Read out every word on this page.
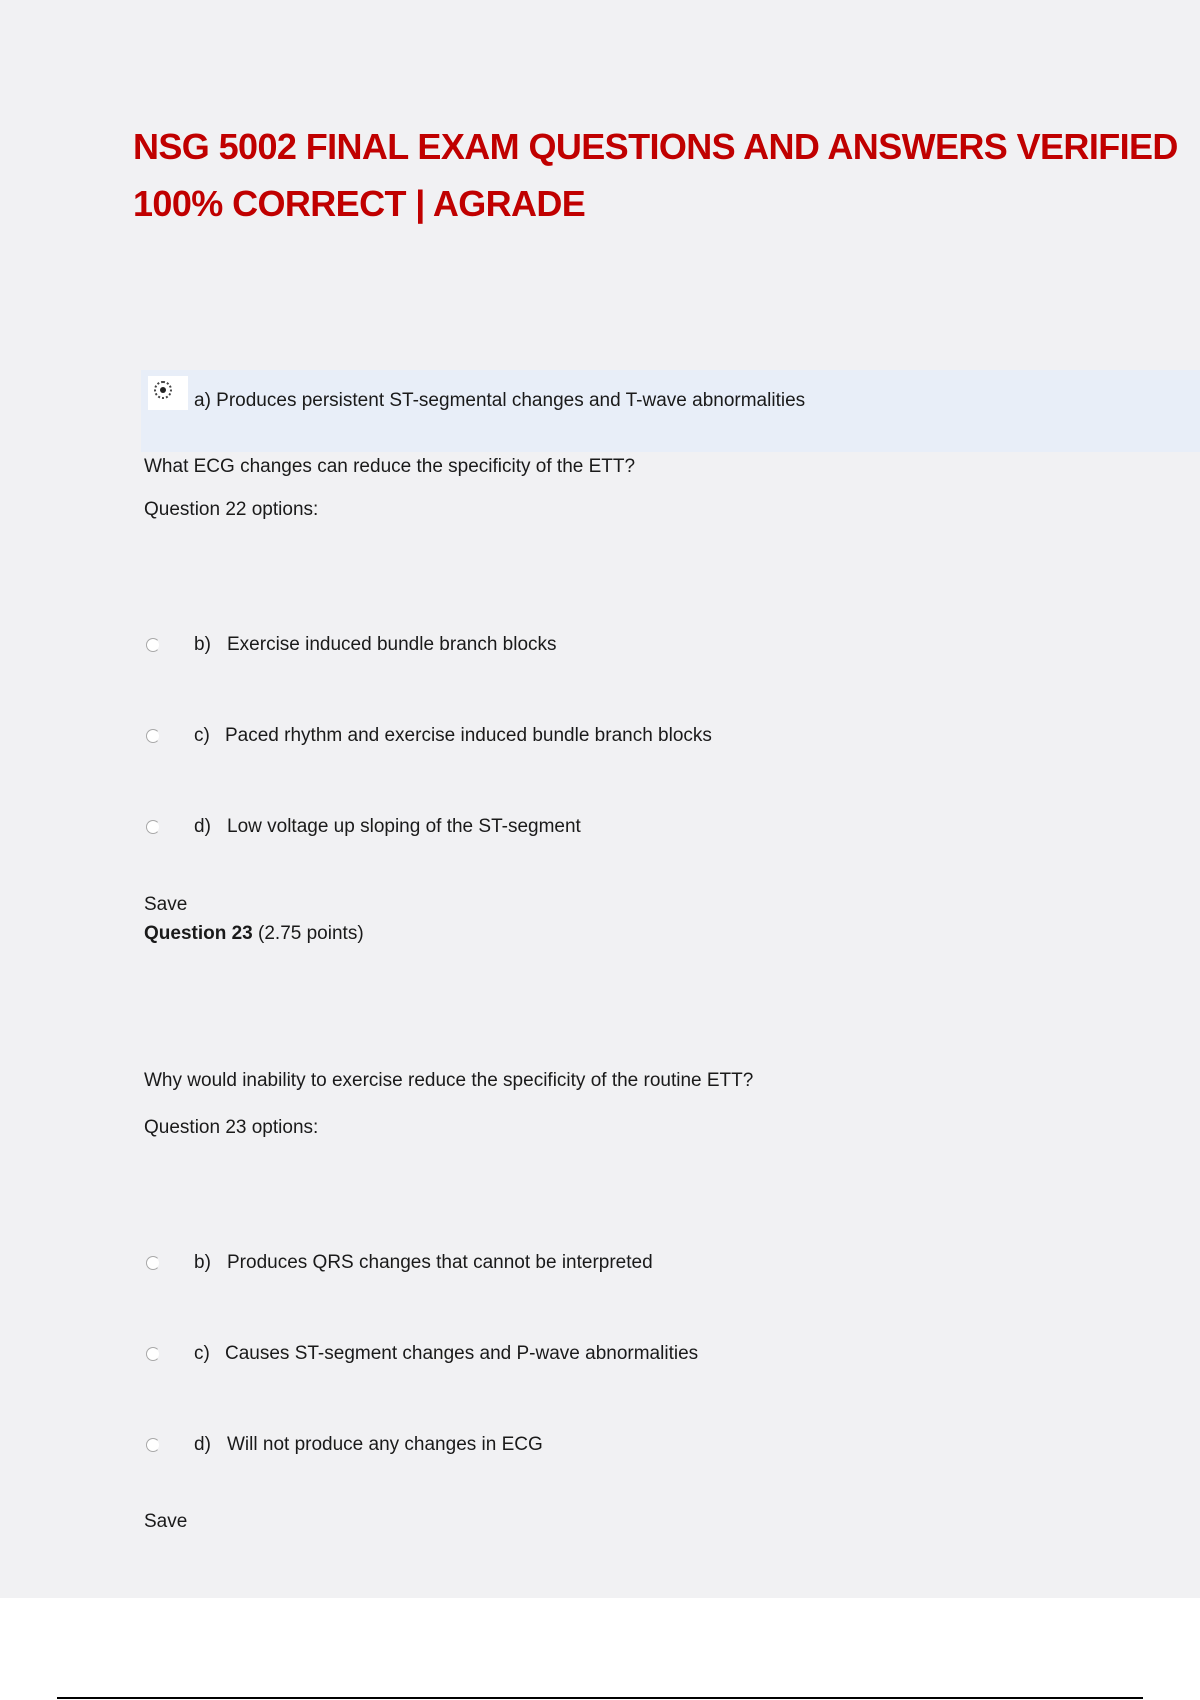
NSG 5002 FINAL EXAM QUESTIONS AND ANSWERS VERIFIED
100% CORRECT | AGRADE
a) Produces persistent ST-segmental changes and T-wave abnormalities
What ECG changes can reduce the specificity of the ETT?
Question 22 options:
b) Exercise induced bundle branch blocks
c) Paced rhythm and exercise induced bundle branch blocks
d) Low voltage up sloping of the ST-segment
Save
Question 23 (2.75 points)
Why would inability to exercise reduce the specificity of the routine ETT?
Question 23 options:
b) Produces QRS changes that cannot be interpreted
c) Causes ST-segment changes and P-wave abnormalities
d) Will not produce any changes in ECG
Save
